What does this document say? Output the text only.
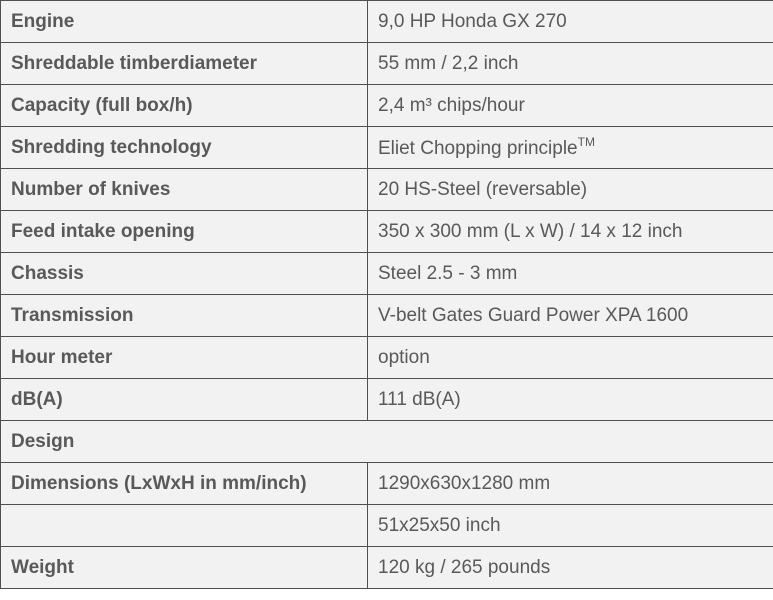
Engine	9,0 HP Honda GX 270
Shreddable timberdiameter	55 mm / 2,2 inch
Capacity (full box/h)	2,4 m³ chips/hour
Shredding technology	Eliet Chopping principle™
Number of knives	20 HS-Steel (reversable)
Feed intake opening	350 x 300 mm (L x W) / 14 x 12 inch
Chassis	Steel 2.5 - 3 mm
Transmission	V-belt Gates Guard Power XPA 1600
Hour meter	option
dB(A)	111 dB(A)
Design	
Dimensions (LxWxH in mm/inch)	1290x630x1280 mm
	51x25x50 inch
Weight	120 kg / 265 pounds
